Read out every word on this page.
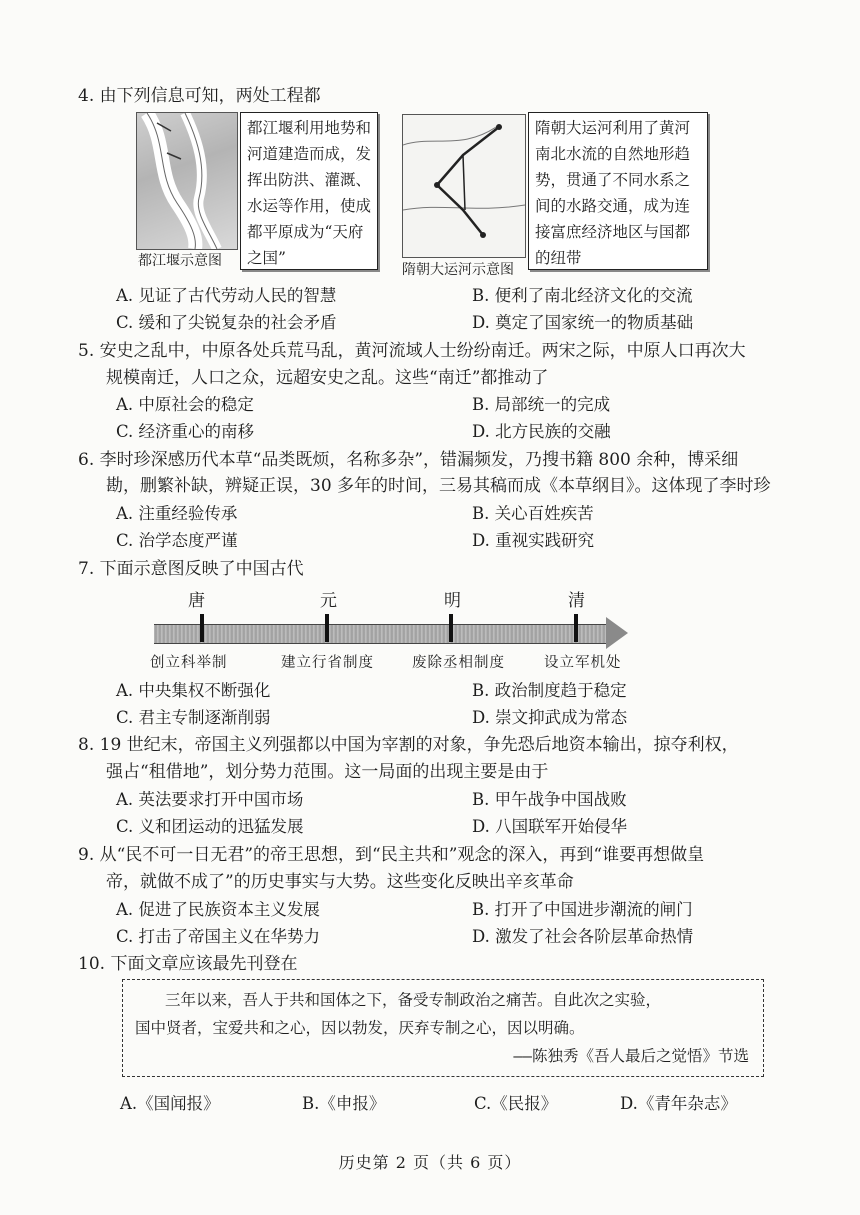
4. 由下列信息可知，两处工程都
都江堰利用地势和河道建造而成，发挥出防洪、灌溉、水运等作用，使成都平原成为“天府之国”
都江堰示意图
隋朝大运河利用了黄河南北水流的自然地形趋势，贯通了不同水系之间的水路交通，成为连接富庶经济地区与国都的纽带
隋朝大运河示意图
A. 见证了古代劳动人民的智慧	B. 便利了南北经济文化的交流
C. 缓和了尖锐复杂的社会矛盾	D. 奠定了国家统一的物质基础
5. 安史之乱中，中原各处兵荒马乱，黄河流域人士纷纷南迁。两宋之际，中原人口再次大
规模南迁，人口之众，远超安史之乱。这些“南迁”都推动了
A. 中原社会的稳定	B. 局部统一的完成
C. 经济重心的南移	D. 北方民族的交融
6. 李时珍深感历代本草“品类既烦，名称多杂”，错漏频发，乃搜书籍 800 余种，博采细
勘，删繁补缺，辨疑正误，30 多年的时间，三易其稿而成《本草纲目》。这体现了李时珍
A. 注重经验传承	B. 关心百姓疾苦
C. 治学态度严谨	D. 重视实践研究
7. 下面示意图反映了中国古代
唐	元	明	清
创立科举制	建立行省制度	废除丞相制度	设立军机处
A. 中央集权不断强化	B. 政治制度趋于稳定
C. 君主专制逐渐削弱	D. 崇文抑武成为常态
8. 19 世纪末，帝国主义列强都以中国为宰割的对象，争先恐后地资本输出，掠夺利权，
强占“租借地”，划分势力范围。这一局面的出现主要是由于
A. 英法要求打开中国市场	B. 甲午战争中国战败
C. 义和团运动的迅猛发展	D. 八国联军开始侵华
9. 从“民不可一日无君”的帝王思想，到“民主共和”观念的深入，再到“谁要再想做皇
帝，就做不成了”的历史事实与大势。这些变化反映出辛亥革命
A. 促进了民族资本主义发展	B. 打开了中国进步潮流的闸门
C. 打击了帝国主义在华势力	D. 激发了社会各阶层革命热情
10. 下面文章应该最先刊登在
三年以来，吾人于共和国体之下，备受专制政治之痛苦。自此次之实验，
国中贤者，宝爱共和之心，因以勃发，厌弃专制之心，因以明确。
——陈独秀《吾人最后之觉悟》节选
A.《国闻报》	B.《申报》	C.《民报》	D.《青年杂志》
历史第 2 页（共 6 页）
